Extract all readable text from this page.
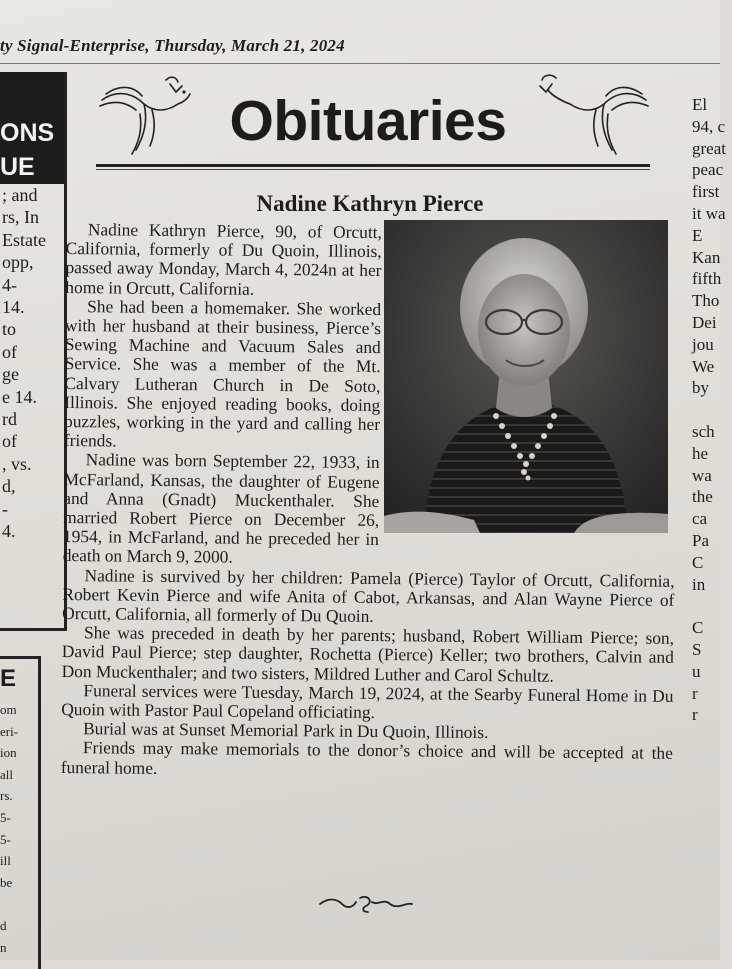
ty Signal-Enterprise, Thursday, March 21, 2024
ONS
UE
; and
rs, In
Estate
opp,
4-
14.
to
of
ge
e 14.
rd
of
, vs.
d,
-
4.
E
om
eri-
ion
all
rs.
5-
5-
ill
be

d
n
El
94, c
great
peac
first
it wa
E
Kan
fifth
Tho
Dei
jou
We
by

sch
he
wa
the
ca
Pa
C
in

C
S
u
r
r
Obituaries
Nadine Kathryn Pierce

Nadine Kathryn Pierce, 90, of Orcutt, California, formerly of Du Quoin, Illinois, passed away Monday, March 4, 2024n at her home in Orcutt, California.

She had been a homemaker. She worked with her husband at their business, Pierce’s Sewing Machine and Vacuum Sales and Service. She was a member of the Mt. Calvary Lutheran Church in De Soto, Illinois. She enjoyed reading books, doing puzzles, working in the yard and calling her friends.

Nadine was born September 22, 1933, in McFarland, Kansas, the daughter of Eugene and Anna (Gnadt) Muckenthaler. She married Robert Pierce on December 26, 1954, in McFarland, and he preceded her in death on March 9, 2000.

Nadine is survived by her children: Pamela (Pierce) Taylor of Orcutt, California, Robert Kevin Pierce and wife Anita of Cabot, Arkansas, and Alan Wayne Pierce of Orcutt, California, all formerly of Du Quoin.

She was preceded in death by her parents; husband, Robert William Pierce; son, David Paul Pierce; step daughter, Rochetta (Pierce) Keller; two brothers, Calvin and Don Muckenthaler; and two sisters, Mildred Luther and Carol Schultz.

Funeral services were Tuesday, March 19, 2024, at the Searby Funeral Home in Du Quoin with Pastor Paul Copeland officiating.

Burial was at Sunset Memorial Park in Du Quoin, Illinois.

Friends may make memorials to the donor’s choice and will be accepted at the funeral home.
